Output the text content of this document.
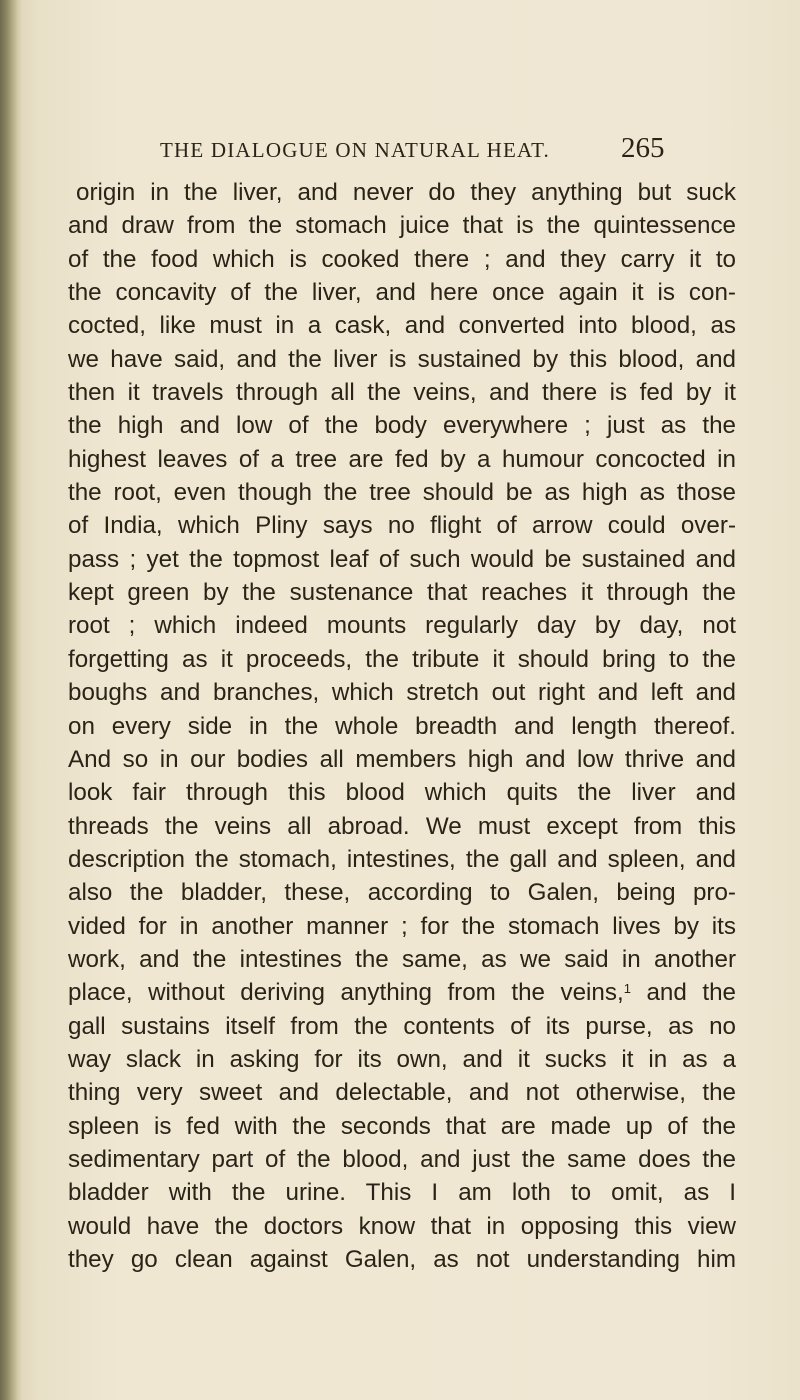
THE DIALOGUE ON NATURAL HEAT.	265
origin in the liver, and never do they anything but suck
and draw from the stomach juice that is the quintessence
of the food which is cooked there ; and they carry it to
the concavity of the liver, and here once again it is con-
cocted, like must in a cask, and converted into blood, as
we have said, and the liver is sustained by this blood, and
then it travels through all the veins, and there is fed by it
the high and low of the body everywhere ; just as the
highest leaves of a tree are fed by a humour concocted in
the root, even though the tree should be as high as those
of India, which Pliny says no flight of arrow could over-
pass ; yet the topmost leaf of such would be sustained and
kept green by the sustenance that reaches it through the
root ; which indeed mounts regularly day by day, not
forgetting as it proceeds, the tribute it should bring to the
boughs and branches, which stretch out right and left and
on every side in the whole breadth and length thereof.
And so in our bodies all members high and low thrive and
look fair through this blood which quits the liver and
threads the veins all abroad. We must except from this
description the stomach, intestines, the gall and spleen, and
also the bladder, these, according to Galen, being pro-
vided for in another manner ; for the stomach lives by its
work, and the intestines the same, as we said in another
place, without deriving anything from the veins,$^1$ and the
gall sustains itself from the contents of its purse, as no
way slack in asking for its own, and it sucks it in as a
thing very sweet and delectable, and not otherwise, the
spleen is fed with the seconds that are made up of the
sedimentary part of the blood, and just the same does the
bladder with the urine. This I am loth to omit, as I
would have the doctors know that in opposing this view
they go clean against Galen, as not understanding him
